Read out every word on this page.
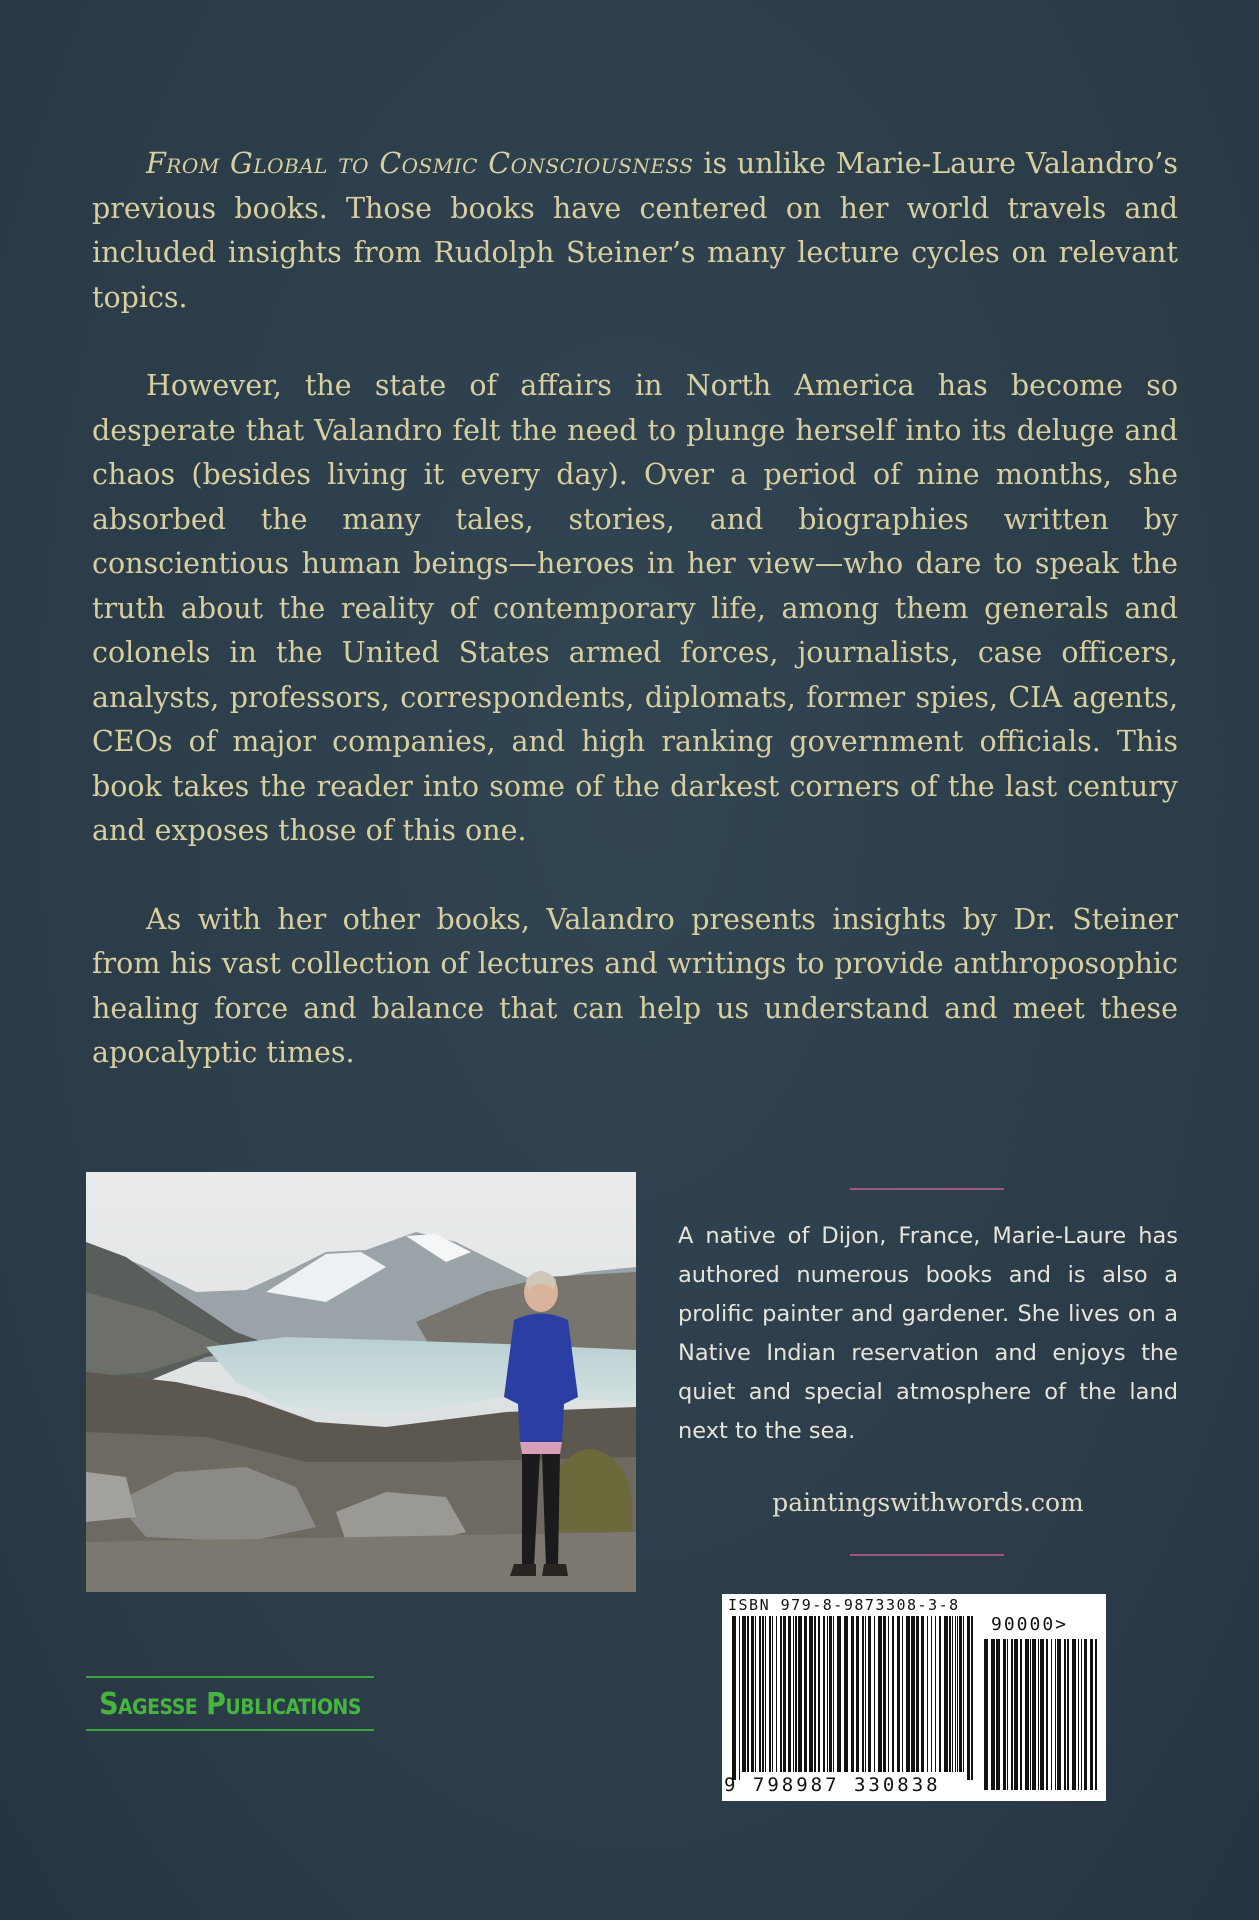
From Global to Cosmic Consciousness is unlike Marie-Laure Valandro’s previous books. Those books have centered on her world travels and included insights from Rudolph Steiner’s many lecture cycles on relevant topics.

However, the state of affairs in North America has become so desperate that Valandro felt the need to plunge herself into its deluge and chaos (besides living it every day). Over a period of nine months, she absorbed the many tales, stories, and biographies written by conscientious human beings—heroes in her view—who dare to speak the truth about the reality of contemporary life, among them generals and colonels in the United States armed forces, journalists, case officers, analysts, professors, correspondents, diplomats, former spies, CIA agents, CEOs of major companies, and high ranking government officials. This book takes the reader into some of the darkest corners of the last century and exposes those of this one.

As with her other books, Valandro presents insights by Dr. Steiner from his vast collection of lectures and writings to provide anthroposophic healing force and balance that can help us understand and meet these apocalyptic times.

A native of Dijon, France, Marie-Laure has authored numerous books and is also a prolific painter and gardener. She lives on a Native Indian reservation and enjoys the quiet and special atmosphere of the land next to the sea.
paintingswithwords.com
ISBN 979-8-9873308-3-8
90000>
9 798987 330838
Sagesse Publications
